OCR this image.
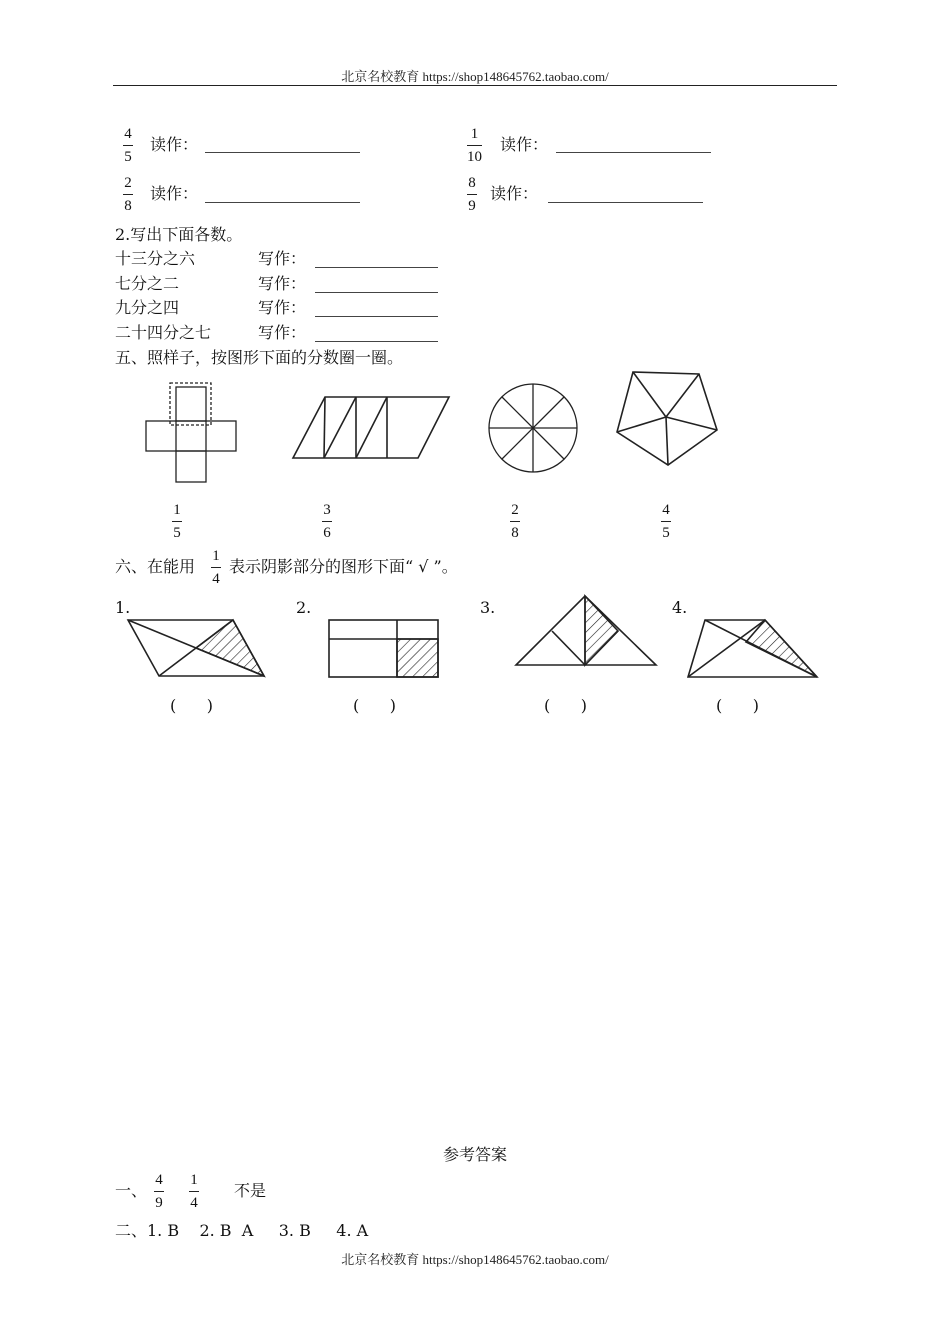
北京名校教育 https://shop148645762.taobao.com/
4
5
读作：
1
10
读作：
2
8
读作：
8
9
读作：
2.写出下面各数。
十三分之六	写作：
七分之二	写作：
九分之四	写作：
二十四分之七	写作：
五、照样子，按图形下面的分数圈一圈。
1
5
3
6
2
8
4
5
六、在能用
1
4
表示阴影部分的图形下面“ √ ”。
1.	2.	3.	4.
(      )	(      )	(      )	(      )
参考答案
一、
4
9
1
4
不是
二、1. B    2. B  A     3. B     4. A
北京名校教育 https://shop148645762.taobao.com/
